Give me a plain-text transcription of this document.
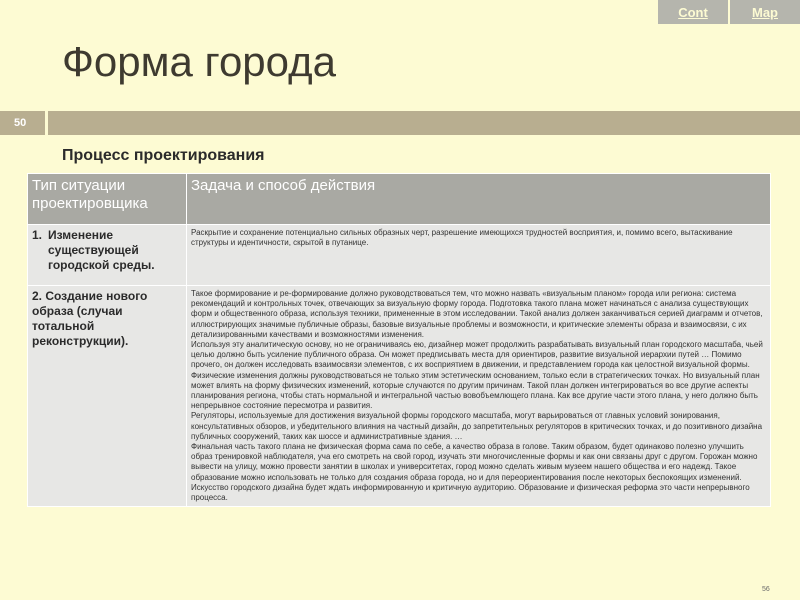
Cont	Map
Форма города
50
Процесс проектирования
Тип ситуации проектировщика	Задача и способ действия

1. Изменение существующей городской среды.	Раскрытие и сохранение потенциально сильных образных черт, разрешение имеющихся трудностей восприятия, и, помимо всего, вытаскивание структуры и идентичности, скрытой в путанице.

2. Создание нового образа (случаи тотальной реконструкции).	Такое формирование и ре-формирование должно руководствоваться тем, что можно назвать «визуальным планом» города или региона: система рекомендаций и контрольных точек, отвечающих за визуальную форму города. Подготовка такого плана может начинаться с анализа существующих форм и общественного образа, используя техники, примененные в этом исследовании. Такой анализ должен заканчиваться серией диаграмм и отчетов, иллюстрирующих значимые публичные образы, базовые визуальные проблемы и возможности, и критические элементы образа и взаимосвязи, с их детализированными качествами и возможностями изменения.

Используя эту аналитическую основу, но не ограничиваясь ею, дизайнер может продолжить разрабатывать визуальный план городского масштаба, чьей целью должно быть усиление публичного образа. Он может предписывать места для ориентиров, развитие визуальной иерархии путей … Помимо прочего, он должен исследовать взаимосвязи элементов, с их восприятием в движении, и представлением города как целостной визуальной формы.

Физические изменения должны руководствоваться не только этим эстетическим основанием, только если в стратегических точках. Но визуальный план может влиять на форму физических изменений, которые случаются по другим причинам. Такой план должен интегрироваться во все другие аспекты планирования региона, чтобы стать нормальной и интегральной частью вовобъемлющего плана. Как все другие части этого плана, у него должно быть непрерывное состояние пересмотра и развития.

Регуляторы, используемые для достижения визуальной формы городского масштаба, могут варьироваться от главных условий зонирования, консультативных обзоров, и убедительного влияния на частный дизайн, до запретительных регуляторов в критических точках, и до позитивного дизайна публичных сооружений, таких как шоссе и административные здания. …

Финальная часть такого плана не физическая форма сама по себе, а качество образа в голове. Таким образом, будет одинаково полезно улучшить образ тренировкой наблюдателя, уча его смотреть на свой город, изучать эти многочисленные формы и как они связаны друг с другом. Горожан можно вывести на улицу, можно провести занятии в школах и университетах, город можно сделать живым музеем нашего общества и его надежд. Такое образование можно использовать не только для создания образа города, но и для переориентирования после некоторых беспокоящих изменений. Искусство городского дизайна будет ждать информированную и критичную аудиторию. Образование и физическая реформа это части непрерывного процесса.

56
